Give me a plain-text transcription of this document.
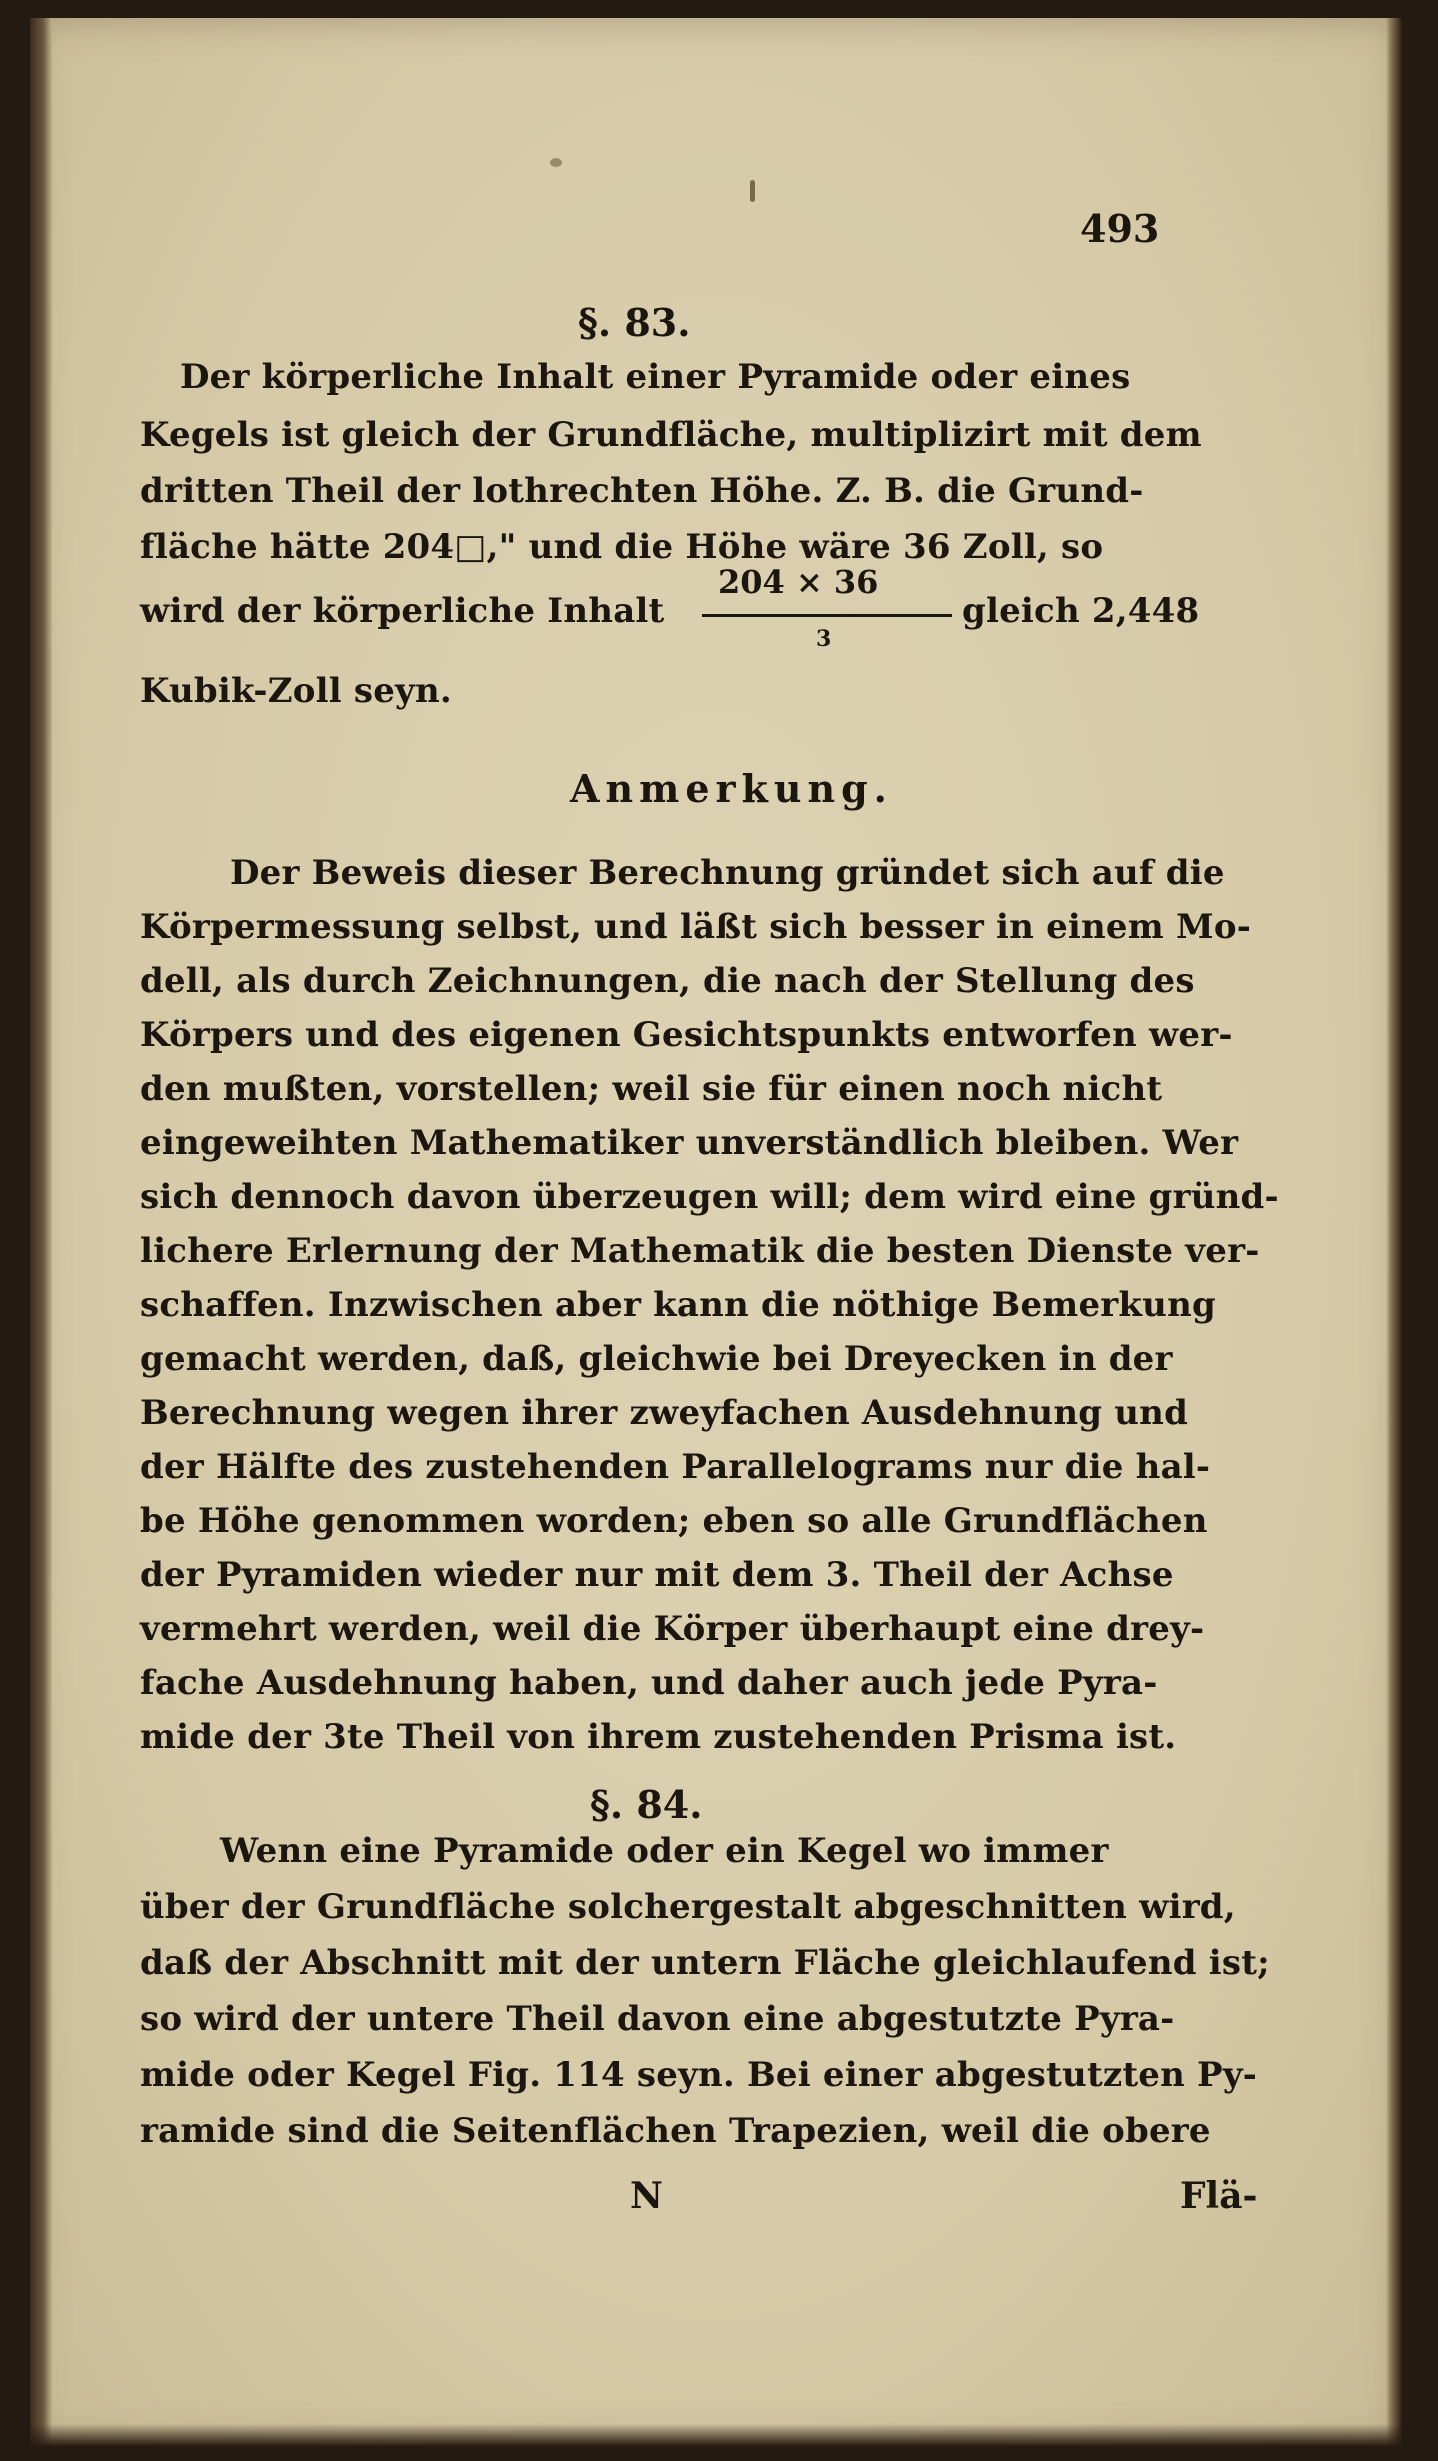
493
§. 83.
Der körperliche Inhalt einer Pyramide oder eines
Kegels ist gleich der Grundfläche, multiplizirt mit dem
dritten Theil der lothrechten Höhe. Z. B. die Grund-
fläche hätte 204□," und die Höhe wäre 36 Zoll, so
wird der körperliche Inhalt
204 × 36
3
gleich 2,448
Kubik-Zoll seyn.
Anmerkung.
Der Beweis dieser Berechnung gründet sich auf die
Körpermessung selbst, und läßt sich besser in einem Mo-
dell, als durch Zeichnungen, die nach der Stellung des
Körpers und des eigenen Gesichtspunkts entworfen wer-
den mußten, vorstellen; weil sie für einen noch nicht
eingeweihten Mathematiker unverständlich bleiben. Wer
sich dennoch davon überzeugen will; dem wird eine gründ-
lichere Erlernung der Mathematik die besten Dienste ver-
schaffen. Inzwischen aber kann die nöthige Bemerkung
gemacht werden, daß, gleichwie bei Dreyecken in der
Berechnung wegen ihrer zweyfachen Ausdehnung und
der Hälfte des zustehenden Parallelograms nur die hal-
be Höhe genommen worden; eben so alle Grundflächen
der Pyramiden wieder nur mit dem 3. Theil der Achse
vermehrt werden, weil die Körper überhaupt eine drey-
fache Ausdehnung haben, und daher auch jede Pyra-
mide der 3te Theil von ihrem zustehenden Prisma ist.
§. 84.
Wenn eine Pyramide oder ein Kegel wo immer
über der Grundfläche solchergestalt abgeschnitten wird,
daß der Abschnitt mit der untern Fläche gleichlaufend ist;
so wird der untere Theil davon eine abgestutzte Pyra-
mide oder Kegel Fig. 114 seyn. Bei einer abgestutzten Py-
ramide sind die Seitenflächen Trapezien, weil die obere
N	Flä-
